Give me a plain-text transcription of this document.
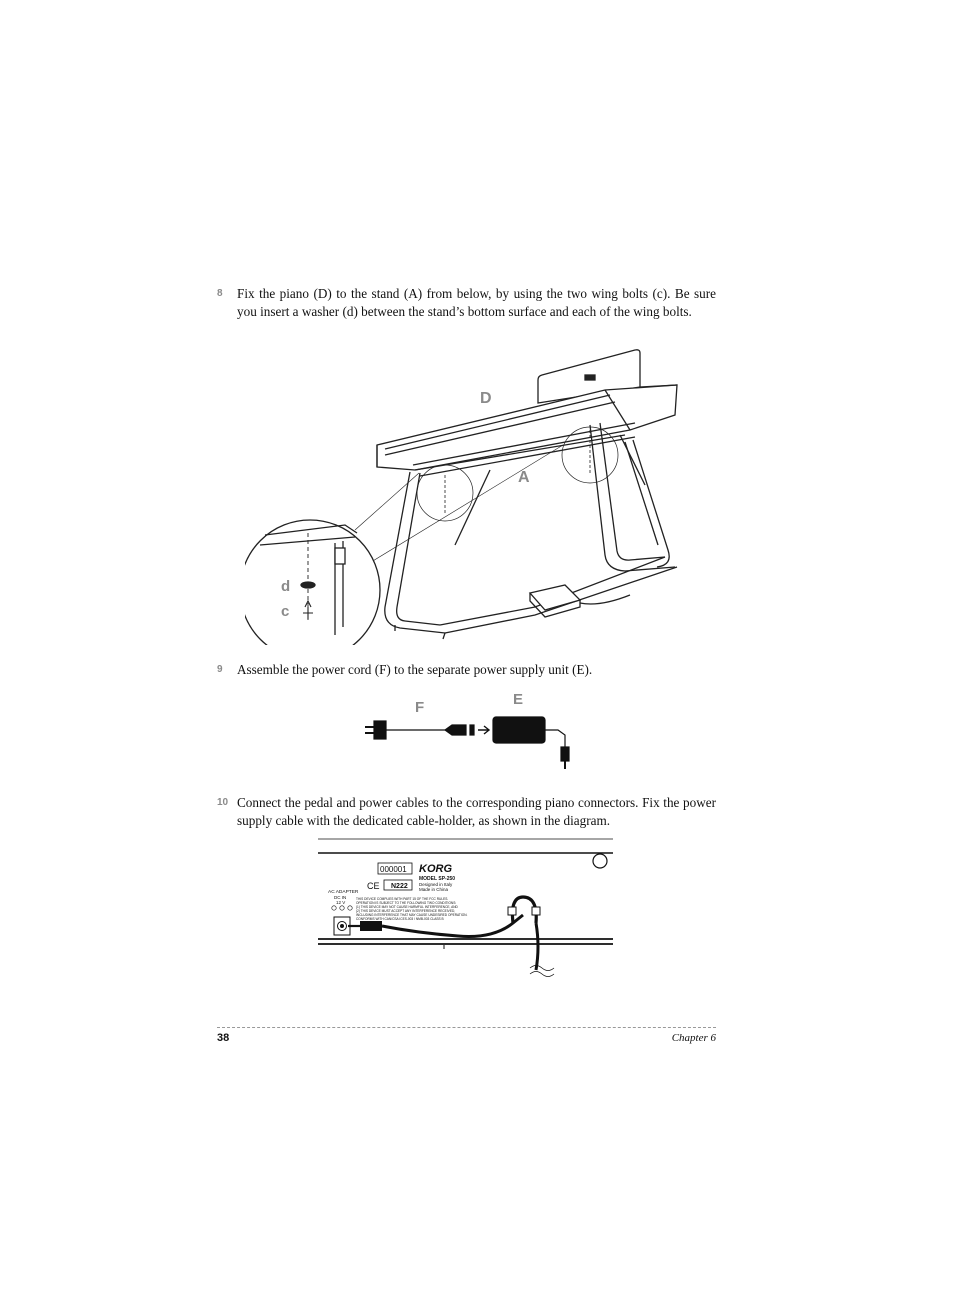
8 Fix the piano (D) to the stand (A) from below, by using the two wing bolts (c). Be sure you insert a washer (d) between the stand’s bottom surface and each of the wing bolts.
D
A
d
c
9 Assemble the power cord (F) to the separate power supply unit (E).
F	E
10 Connect the pedal and power cables to the corresponding piano connectors. Fix the power supply cable with the dedicated cable-holder, as shown in the diagram.
000001 KORG
MODEL SP-250
Designed in Italy
Made in China
CE N222
AC ADAPTER
DC IN
12 V
THIS DEVICE COMPLIES WITH PART 15 OF THE FCC RULES.
OPERATION IS SUBJECT TO THE FOLLOWING TWO CONDITIONS:
(1) THIS DEVICE MAY NOT CAUSE HARMFUL INTERFERENCE, AND
(2) THIS DEVICE MUST ACCEPT ANY INTERFERENCE RECEIVED,
INCLUDING INTERFERENCE THAT MAY CAUSE UNDESIRED OPERATION.
CONFORMS WITH CAN/CSA ICES-003 / NMB-003 CLASS B
38	Chapter 6
